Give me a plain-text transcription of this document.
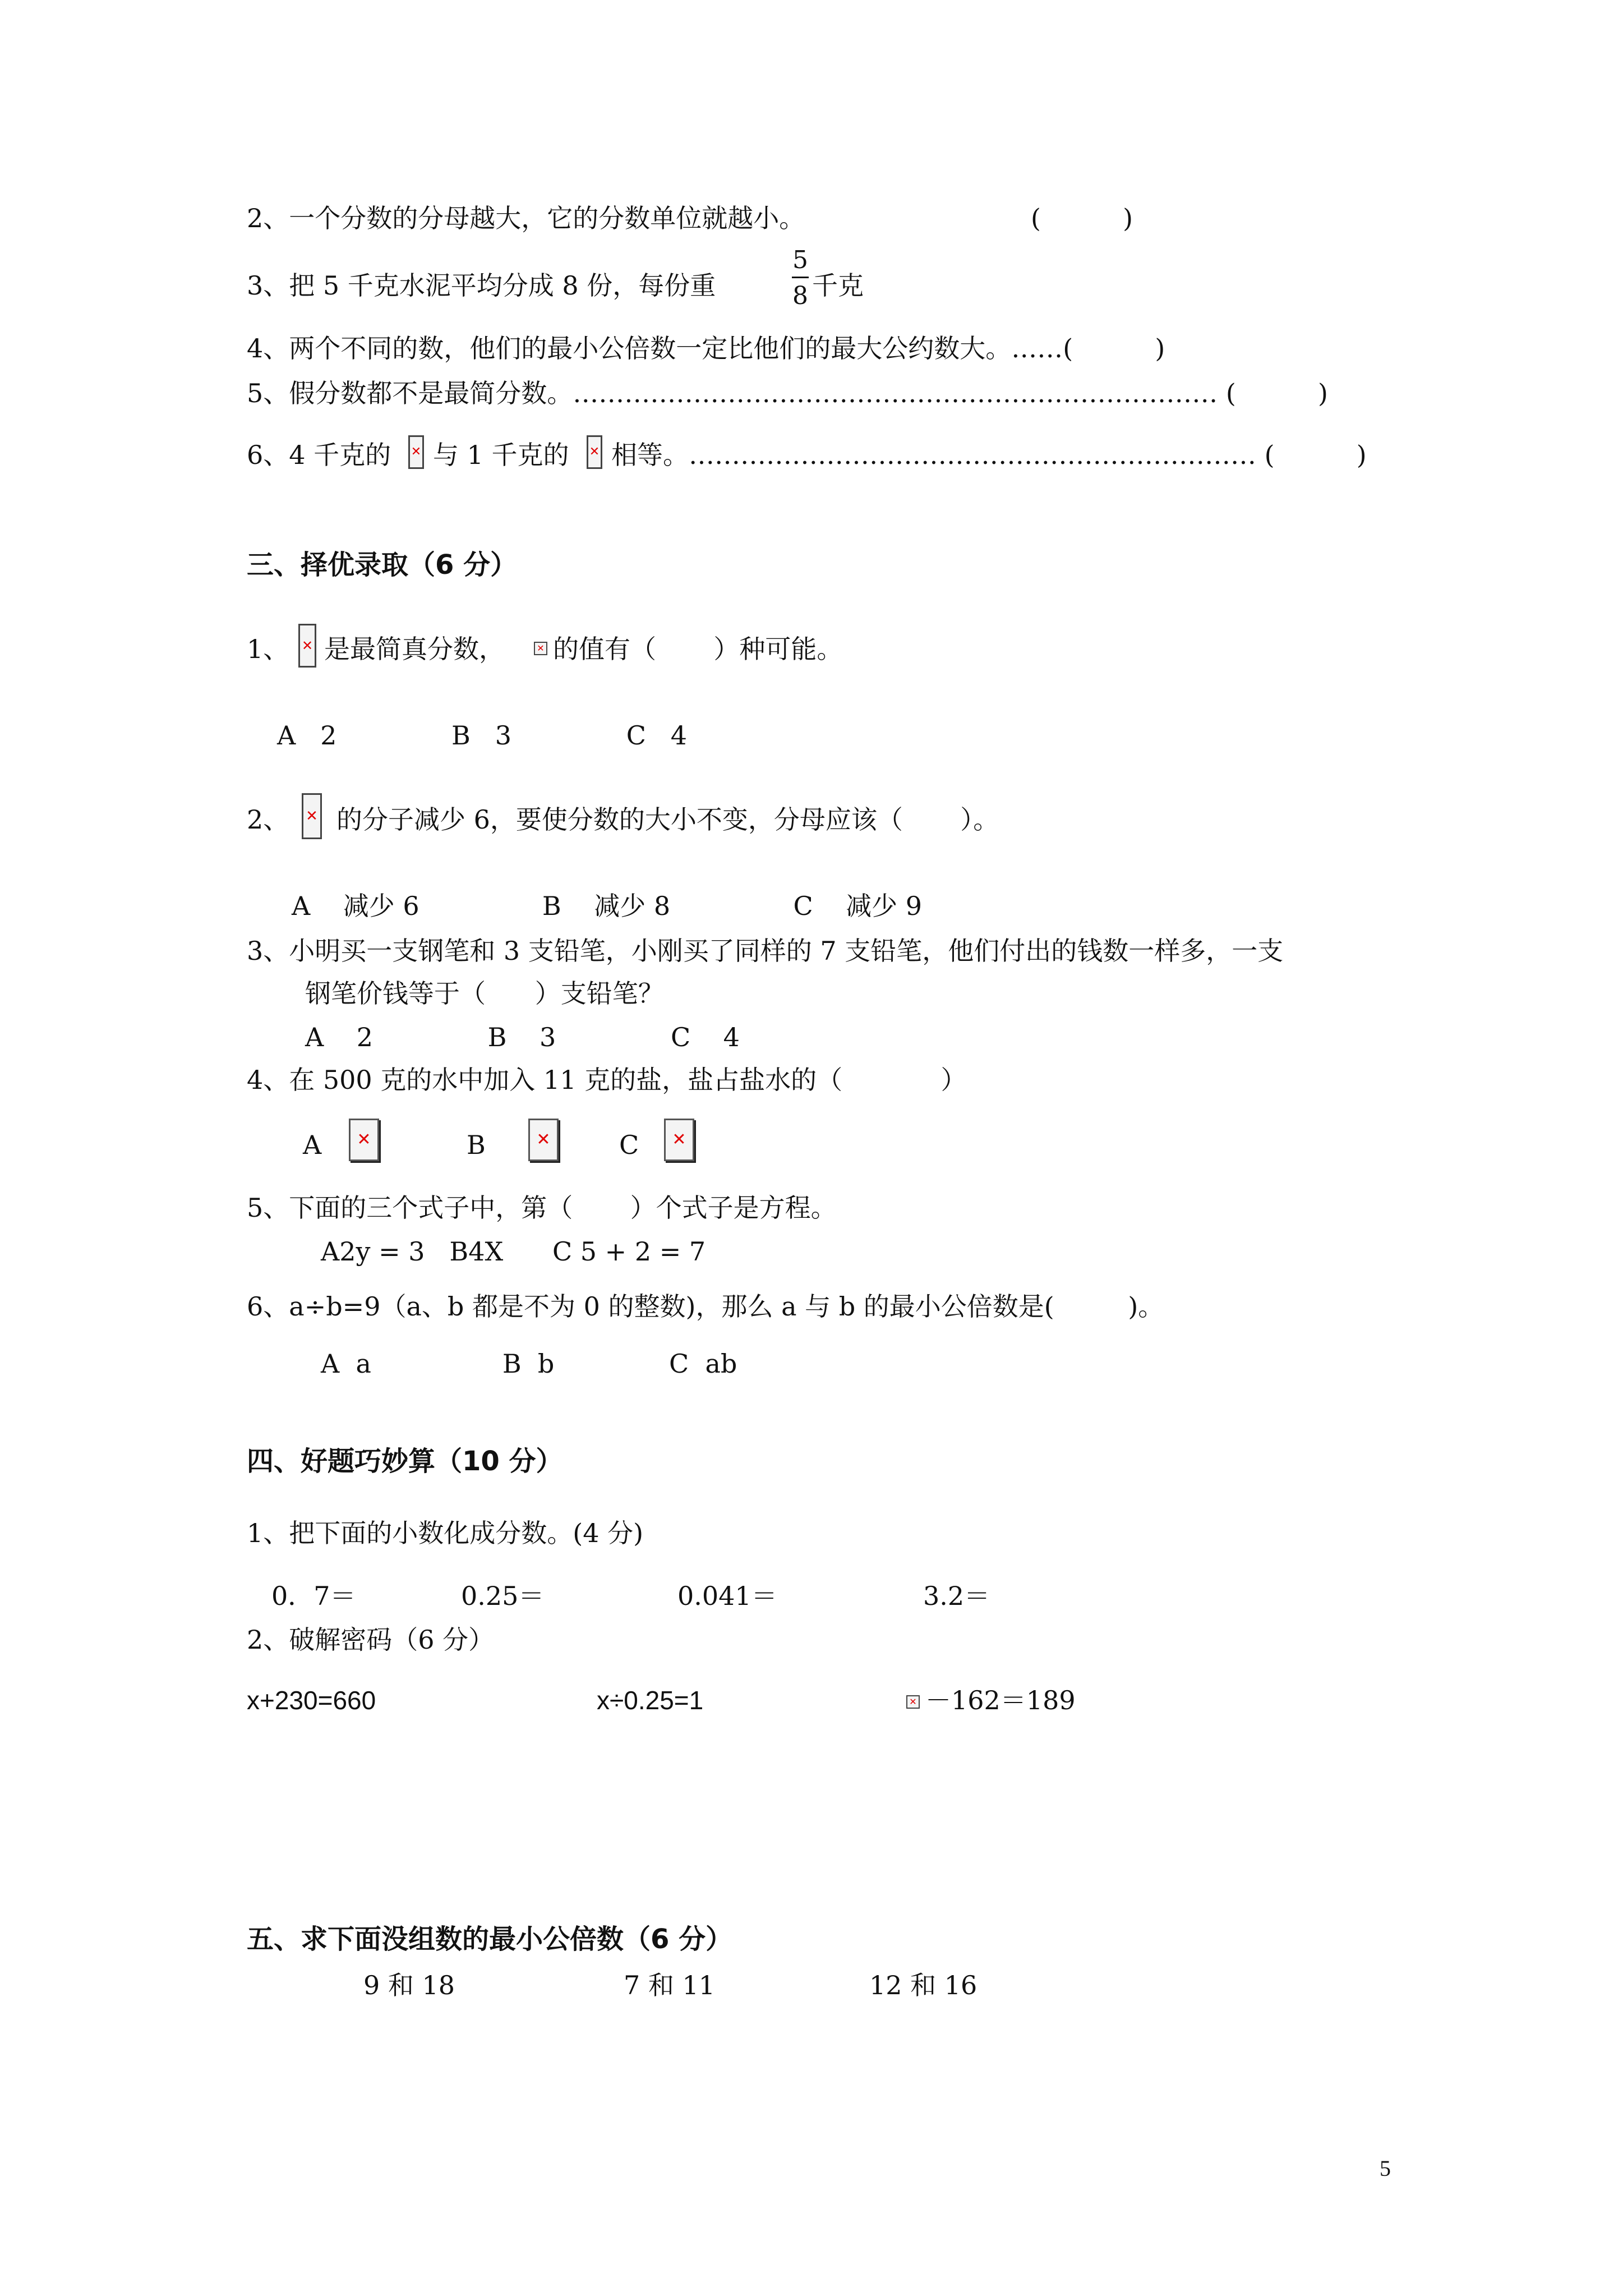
2、一个分数的分母越大，它的分数单位就越小。	(          )
3、把 5 千克水泥平均分成 8 份，每份重
5
8 千克
4、两个不同的数，他们的最小公倍数一定比他们的最大公约数大。……(          )
5、假分数都不是最简分数。………………………………………………………………… (          )
6、4 千克的 ✕ 与 1 千克的 ✕ 相等。………………………………………………………… (          )
三、择优录取（6 分）
1、 ✕ 是最简真分数，	✕ 的值有（       ）种可能。
A   2              B   3              C   4
2、 ✕ 的分子减少 6，要使分数的大小不变，分母应该（       ）。
A    减少 6               B    减少 8               C    减少 9
3、小明买一支钢笔和 3 支铅笔，小刚买了同样的 7 支铅笔，他们付出的钱数一样多，一支
钢笔价钱等于（      ）支铅笔？
A    2              B    3              C    4
4、在 500 克的水中加入 11 克的盐，盐占盐水的（            ）
A ✕	B	✕	C ✕
5、下面的三个式子中，第（       ）个式子是方程。
A2y = 3   B4X      C 5 + 2 = 7
6、a÷b=9（a、b 都是不为 0 的整数)，那么 a 与 b 的最小公倍数是(         )。
A  a                B  b              C  ab
四、好题巧妙算（10 分）
1、把下面的小数化成分数。(4 分)
0．7＝	0.25＝	0.041＝	3.2＝
2、破解密码（6 分）
x+230=660	x÷0.25=1	✕ －162＝189
五、求下面没组数的最小公倍数（6 分）
9 和 18	7 和 11	12 和 16
5
